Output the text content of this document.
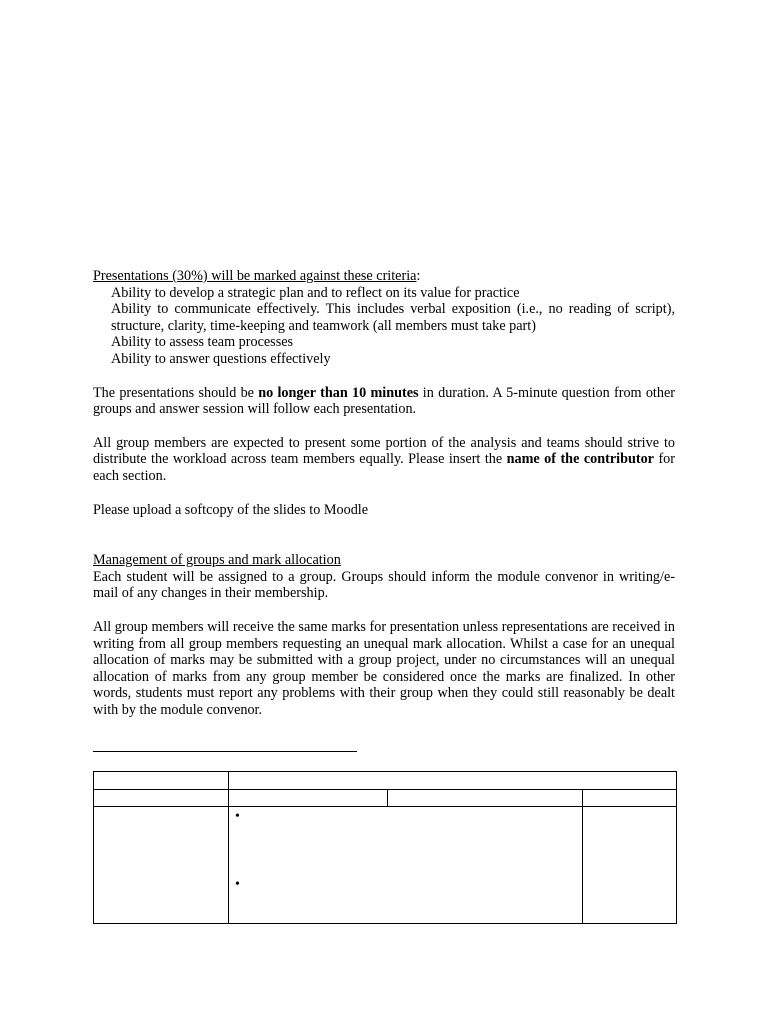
Presentations (30%) will be marked against these criteria:
Ability to develop a strategic plan and to reflect on its value for practice
Ability to communicate effectively. This includes verbal exposition (i.e., no reading of script), structure, clarity, time-keeping and teamwork (all members must take part)
Ability to assess team processes
Ability to answer questions effectively

The presentations should be no longer than 10 minutes in duration. A 5-minute question from other groups and answer session will follow each presentation.

All group members are expected to present some portion of the analysis and teams should strive to distribute the workload across team members equally. Please insert the name of the contributor for each section.

Please upload a softcopy of the slides to Moodle

Management of groups and mark allocation

Each student will be assigned to a group. Groups should inform the module convenor in writing/e-mail of any changes in their membership.

All group members will receive the same marks for presentation unless representations are received in writing from all group members requesting an unequal mark allocation. Whilst a case for an unequal allocation of marks may be submitted with a group project, under no circumstances will an unequal allocation of marks from any group member be considered once the marks are finalized. In other words, students must report any problems with their group when they could still reasonably be dealt with by the module convenor.

	•
•		
